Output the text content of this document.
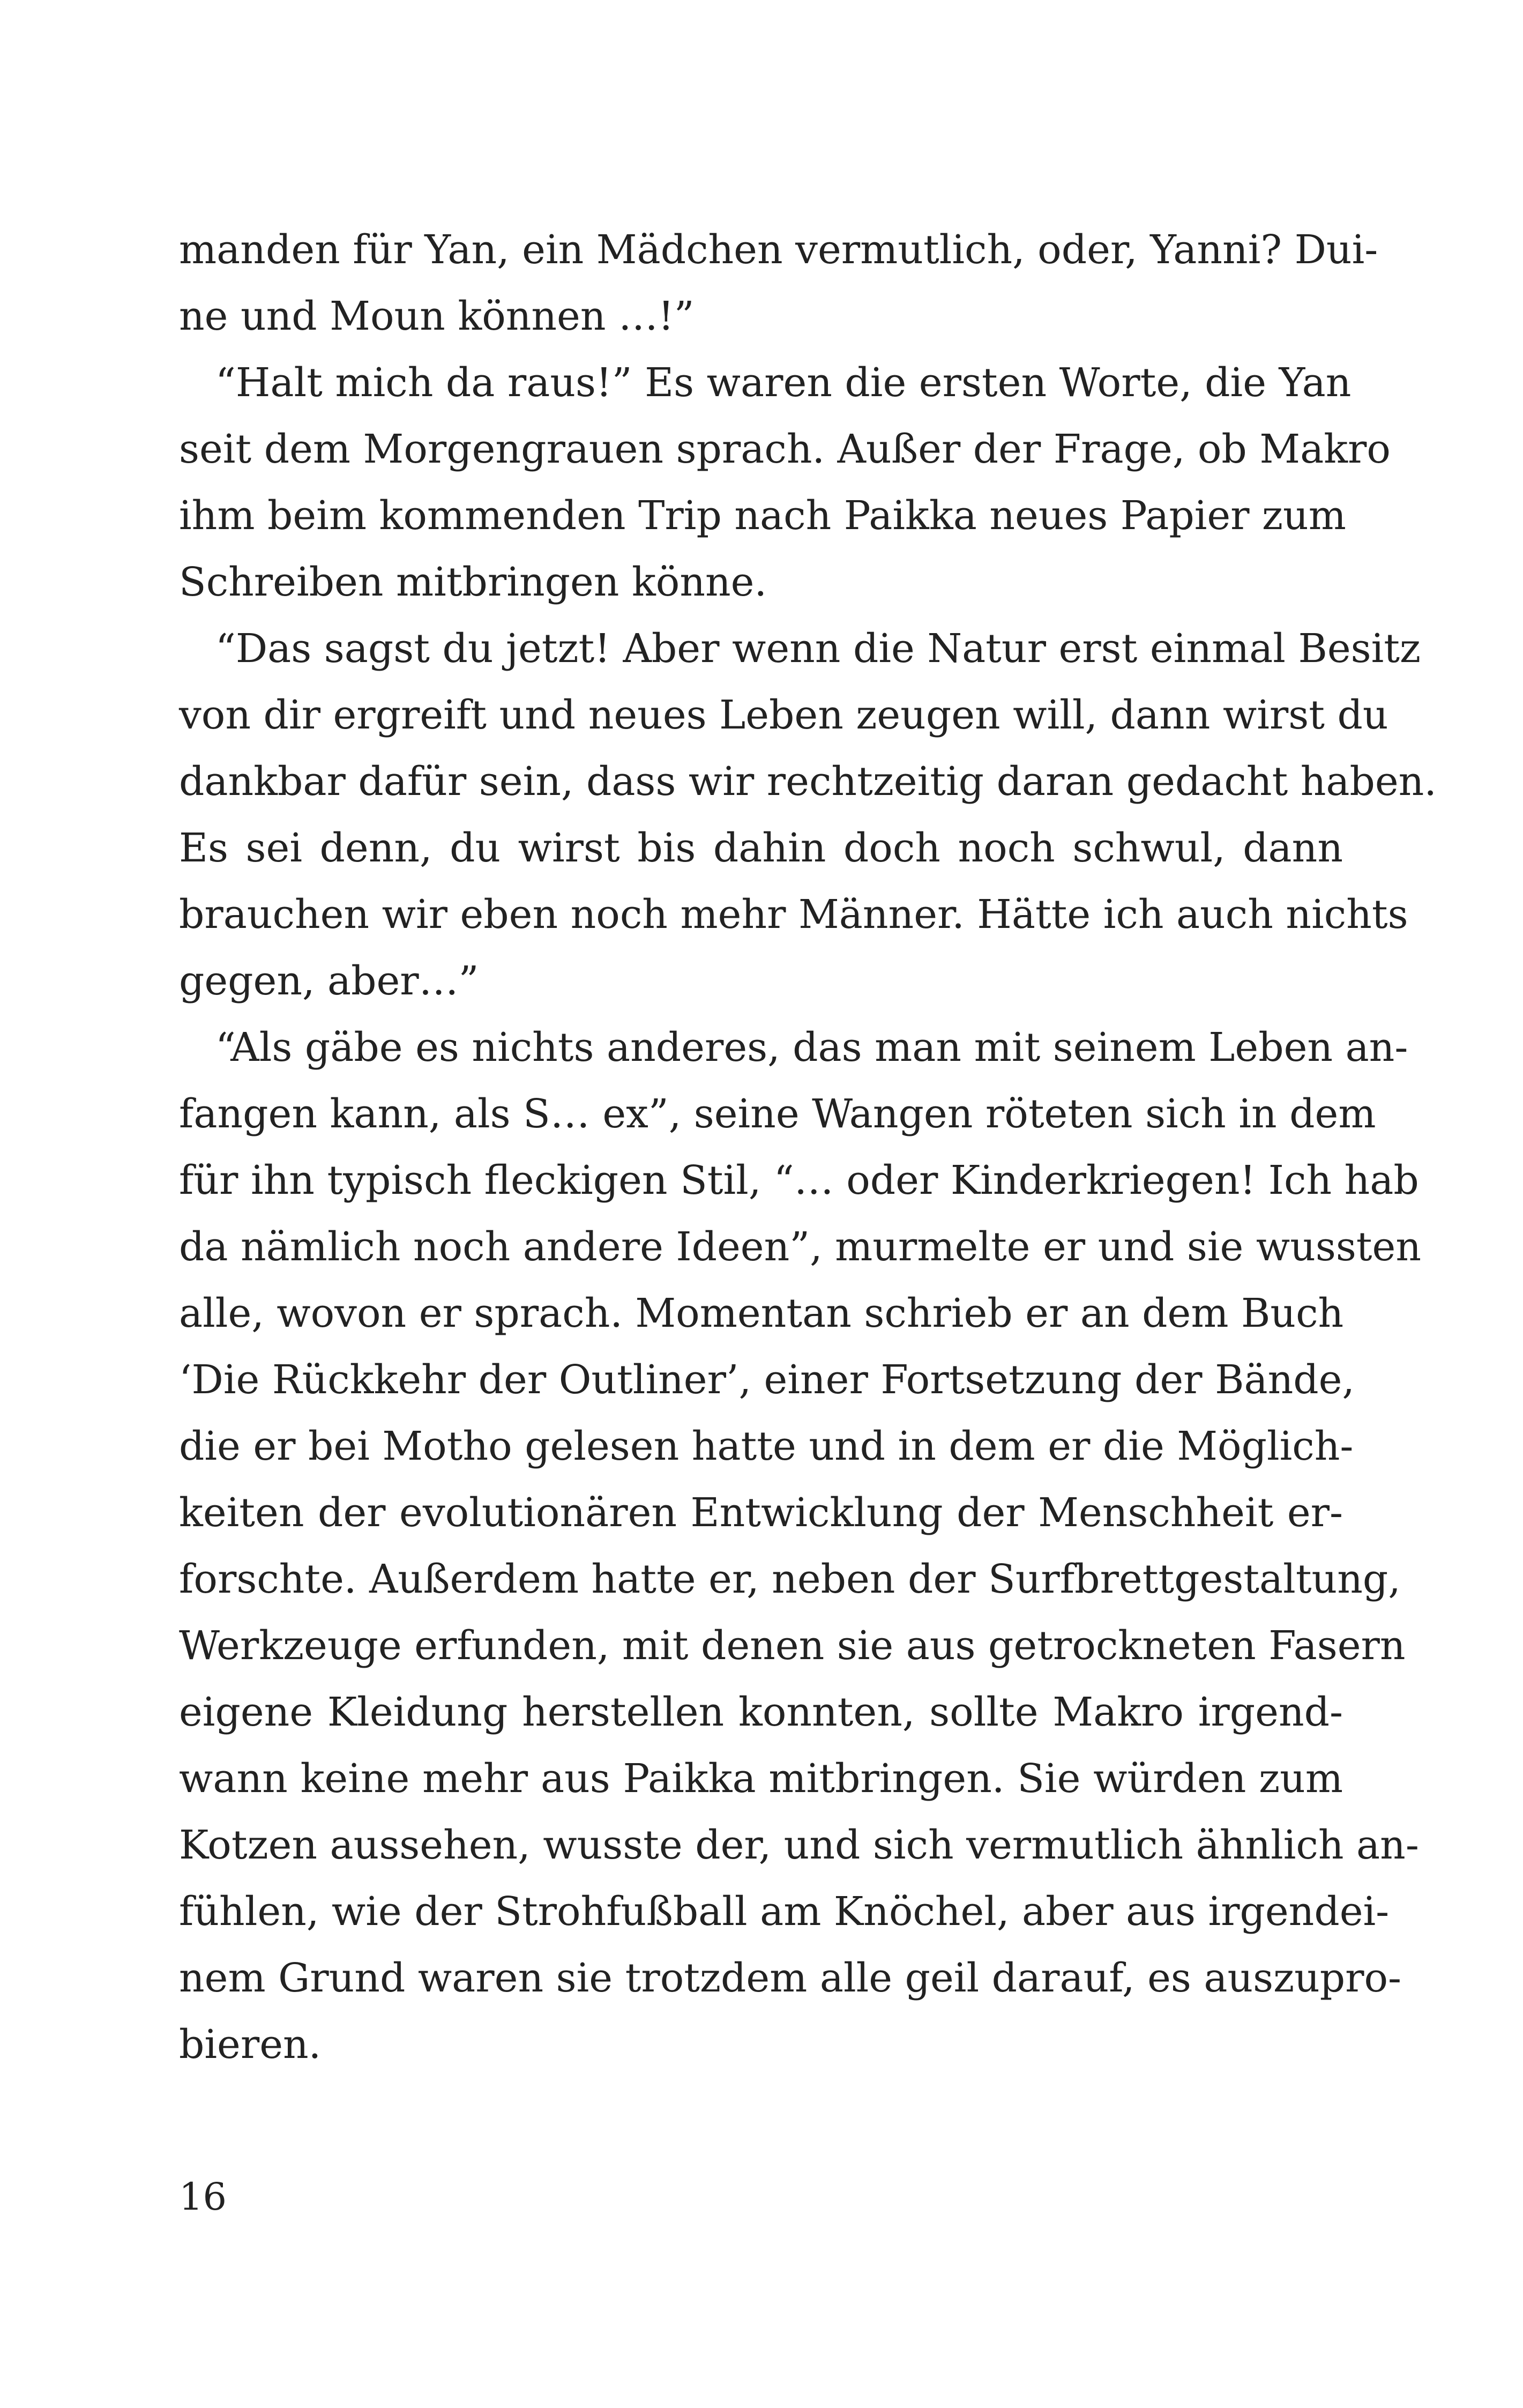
manden für Yan, ein Mädchen vermutlich, oder, Yanni? Dui-
ne und Moun können …!”
“Halt mich da raus!” Es waren die ersten Worte, die Yan
seit dem Morgengrauen sprach. Außer der Frage, ob Makro
ihm beim kommenden Trip nach Paikka neues Papier zum
Schreiben mitbringen könne.
“Das sagst du jetzt! Aber wenn die Natur erst einmal Besitz
von dir ergreift und neues Leben zeugen will, dann wirst du
dankbar dafür sein, dass wir rechtzeitig daran gedacht haben.
Es sei denn, du wirst bis dahin doch noch schwul, dann
brauchen wir eben noch mehr Männer. Hätte ich auch nichts
gegen, aber…”
“Als gäbe es nichts anderes, das man mit seinem Leben an-
fangen kann, als S… ex”, seine Wangen röteten sich in dem
für ihn typisch fleckigen Stil, “… oder Kinderkriegen! Ich hab
da nämlich noch andere Ideen”, murmelte er und sie wussten
alle, wovon er sprach. Momentan schrieb er an dem Buch
‘Die Rückkehr der Outliner’, einer Fortsetzung der Bände,
die er bei Motho gelesen hatte und in dem er die Möglich-
keiten der evolutionären Entwicklung der Menschheit er-
forschte. Außerdem hatte er, neben der Surfbrettgestaltung,
Werkzeuge erfunden, mit denen sie aus getrockneten Fasern
eigene Kleidung herstellen konnten, sollte Makro irgend-
wann keine mehr aus Paikka mitbringen. Sie würden zum
Kotzen aussehen, wusste der, und sich vermutlich ähnlich an-
fühlen, wie der Strohfußball am Knöchel, aber aus irgendei-
nem Grund waren sie trotzdem alle geil darauf, es auszupro-
bieren.
16
